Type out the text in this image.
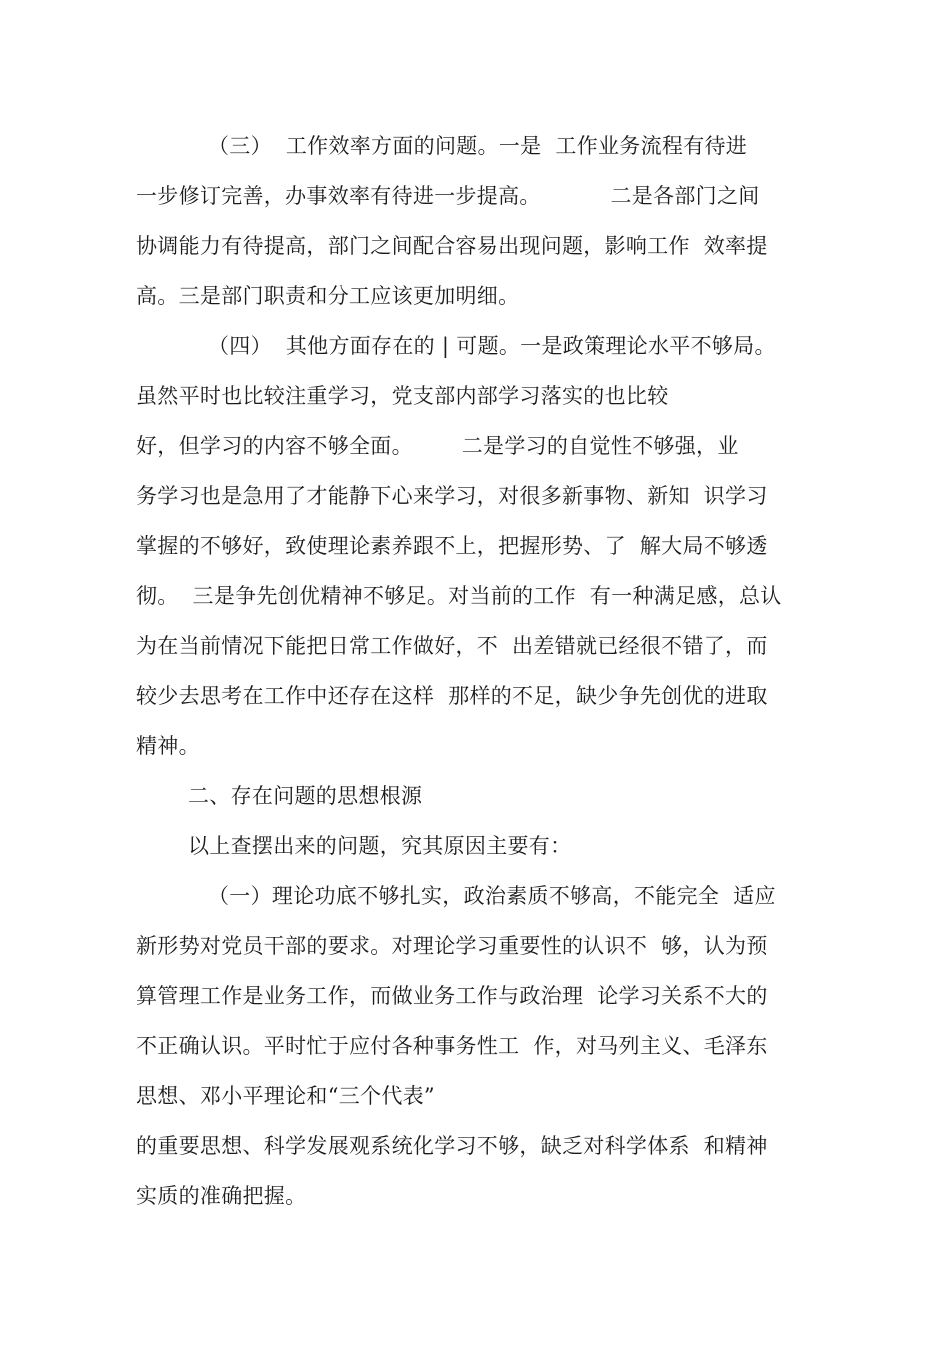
（三）  工作效率方面的问题。一是  工作业务流程有待进
一步修订完善，办事效率有待进一步提高。          二是各部门之间
协调能力有待提高，部门之间配合容易出现问题，影响工作  效率提
高。三是部门职责和分工应该更加明细。
（四）  其他方面存在的 | 可题。一是政策理论水平不够局。
虽然平时也比较注重学习，党支部内部学习落实的也比较
好，但学习的内容不够全面。       二是学习的自觉性不够强，业
务学习也是急用了才能静下心来学习，对很多新事物、新知  识学习
掌握的不够好，致使理论素养跟不上，把握形势、了  解大局不够透
彻。  三是争先创优精神不够足。对当前的工作  有一种满足感，总认
为在当前情况下能把日常工作做好，不  出差错就已经很不错了，而
较少去思考在工作中还存在这样  那样的不足，缺少争先创优的进取
精神。
二、存在问题的思想根源
以上查摆出来的问题，究其原因主要有：
（一）理论功底不够扎实，政治素质不够高，不能完全  适应
新形势对党员干部的要求。对理论学习重要性的认识不  够，认为预
算管理工作是业务工作，而做业务工作与政治理  论学习关系不大的
不正确认识。平时忙于应付各种事务性工  作，对马列主义、毛泽东
思想、邓小平理论和“三个代表”
的重要思想、科学发展观系统化学习不够，缺乏对科学体系  和精神
实质的准确把握。
